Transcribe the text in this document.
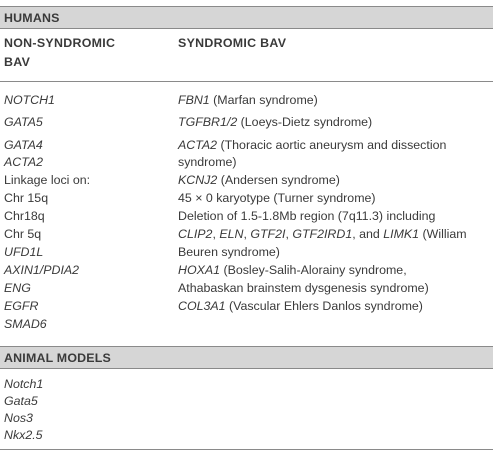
HUMANS
NON-SYNDROMIC
BAV
SYNDROMIC BAV
NOTCH1
GATA5
GATA4
ACTA2
Linkage loci on:
Chr 15q
Chr18q
Chr 5q
UFD1L
AXIN1/PDIA2
ENG
EGFR
SMAD6
FBN1 (Marfan syndrome)
TGFBR1/2 (Loeys-Dietz syndrome)
ACTA2 (Thoracic aortic aneurysm and dissection
syndrome)
KCNJ2 (Andersen syndrome)
45 × 0 karyotype (Turner syndrome)
Deletion of 1.5-1.8Mb region (7q11.3) including
CLIP2, ELN, GTF2I, GTF2IRD1, and LIMK1 (William
Beuren syndrome)
HOXA1 (Bosley-Salih-Alorainy syndrome,
Athabaskan brainstem dysgenesis syndrome)
COL3A1 (Vascular Ehlers Danlos syndrome)
ANIMAL MODELS
Notch1
Gata5
Nos3
Nkx2.5
